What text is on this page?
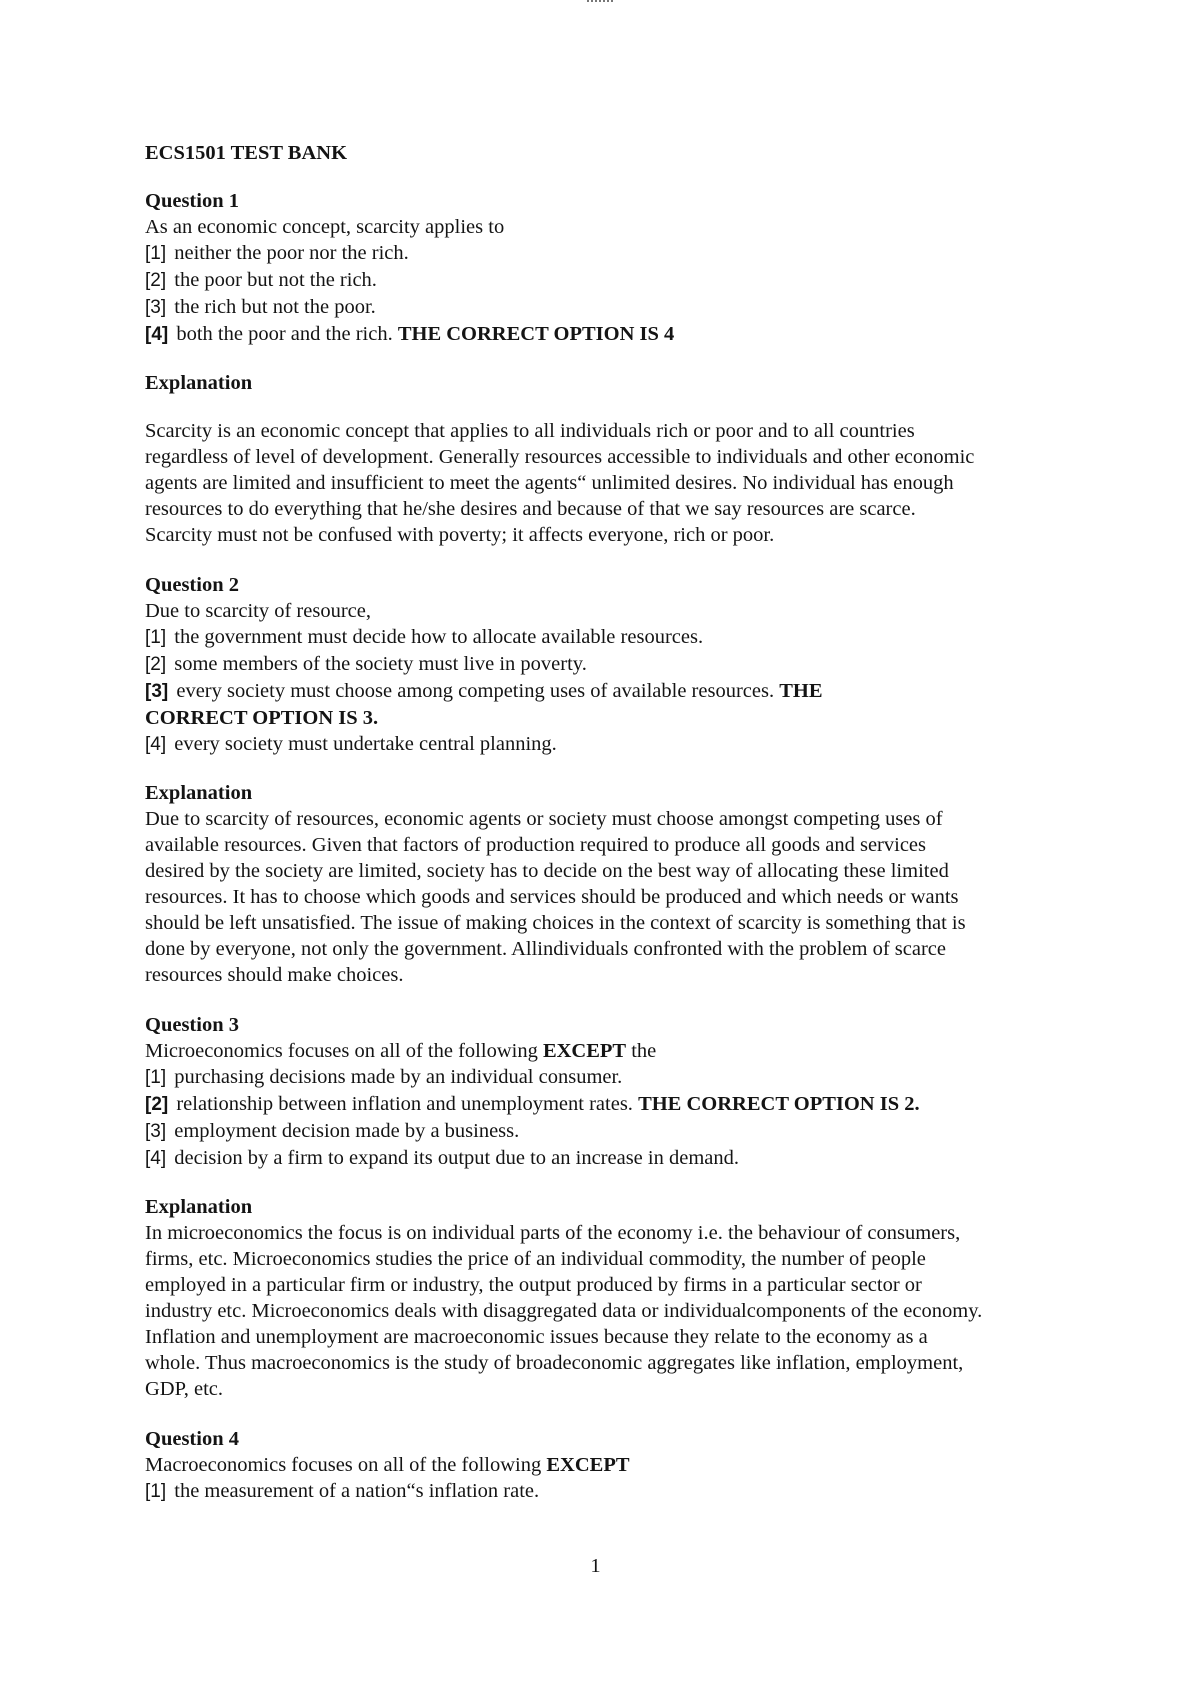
ECS1501 TEST BANK

Question 1

As an economic concept, scarcity applies to

[1] neither the poor nor the rich.

[2] the poor but not the rich.

[3] the rich but not the poor.

[4] both the poor and the rich. THE CORRECT OPTION IS 4

Explanation

Scarcity is an economic concept that applies to all individuals rich or poor and to all countries

regardless of level of development. Generally resources accessible to individuals and other economic

agents are limited and insufficient to meet the agents“ unlimited desires. No individual has enough

resources to do everything that he/she desires and because of that we say resources are scarce.

Scarcity must not be confused with poverty; it affects everyone, rich or poor.

Question 2

Due to scarcity of resource,

[1] the government must decide how to allocate available resources.

[2] some members of the society must live in poverty.

[3] every society must choose among competing uses of available resources. THE

CORRECT OPTION IS 3.

[4] every society must undertake central planning.

Explanation

Due to scarcity of resources, economic agents or society must choose amongst competing uses of

available resources. Given that factors of production required to produce all goods and services

desired by the society are limited, society has to decide on the best way of allocating these limited

resources. It has to choose which goods and services should be produced and which needs or wants

should be left unsatisfied. The issue of making choices in the context of scarcity is something that is

done by everyone, not only the government. Allindividuals confronted with the problem of scarce

resources should make choices.

Question 3

Microeconomics focuses on all of the following EXCEPT the

[1] purchasing decisions made by an individual consumer.

[2] relationship between inflation and unemployment rates. THE CORRECT OPTION IS 2.

[3] employment decision made by a business.

[4] decision by a firm to expand its output due to an increase in demand.

Explanation

In microeconomics the focus is on individual parts of the economy i.e. the behaviour of consumers,

firms, etc. Microeconomics studies the price of an individual commodity, the number of people

employed in a particular firm or industry, the output produced by firms in a particular sector or

industry etc. Microeconomics deals with disaggregated data or individualcomponents of the economy.

Inflation and unemployment are macroeconomic issues because they relate to the economy as a

whole. Thus macroeconomics is the study of broadeconomic aggregates like inflation, employment,

GDP, etc.

Question 4

Macroeconomics focuses on all of the following EXCEPT

[1] the measurement of a nation“s inflation rate.

1
